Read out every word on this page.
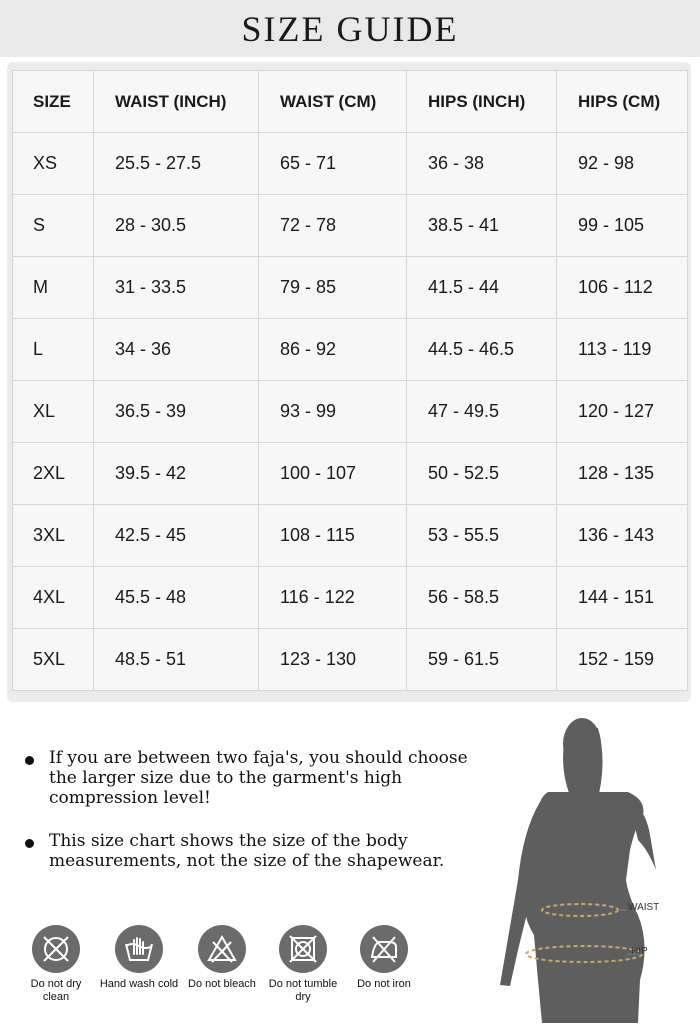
SIZE GUIDE
SIZE	WAIST (INCH)	WAIST (CM)	HIPS (INCH)	HIPS (CM)
XS	25.5 - 27.5	65 - 71	36 - 38	92 - 98
S	28 - 30.5	72 - 78	38.5 - 41	99 - 105
M	31 - 33.5	79 - 85	41.5 - 44	106 - 112
L	34 - 36	86 - 92	44.5 - 46.5	113 - 119
XL	36.5 - 39	93 - 99	47 - 49.5	120 - 127
2XL	39.5 - 42	100 - 107	50 - 52.5	128 - 135
3XL	42.5 - 45	108 - 115	53 - 55.5	136 - 143
4XL	45.5 - 48	116 - 122	56 - 58.5	144 - 151
5XL	48.5 - 51	123 - 130	59 - 61.5	152 - 159
If you are between two faja's, you should choose the larger size due to the garment's high compression level!
This size chart shows the size of the body measurements, not the size of the shapewear.
Do not dry clean
Hand wash cold Do not bleach	Do not tumble dry
Do not iron
WAIST
HIP
